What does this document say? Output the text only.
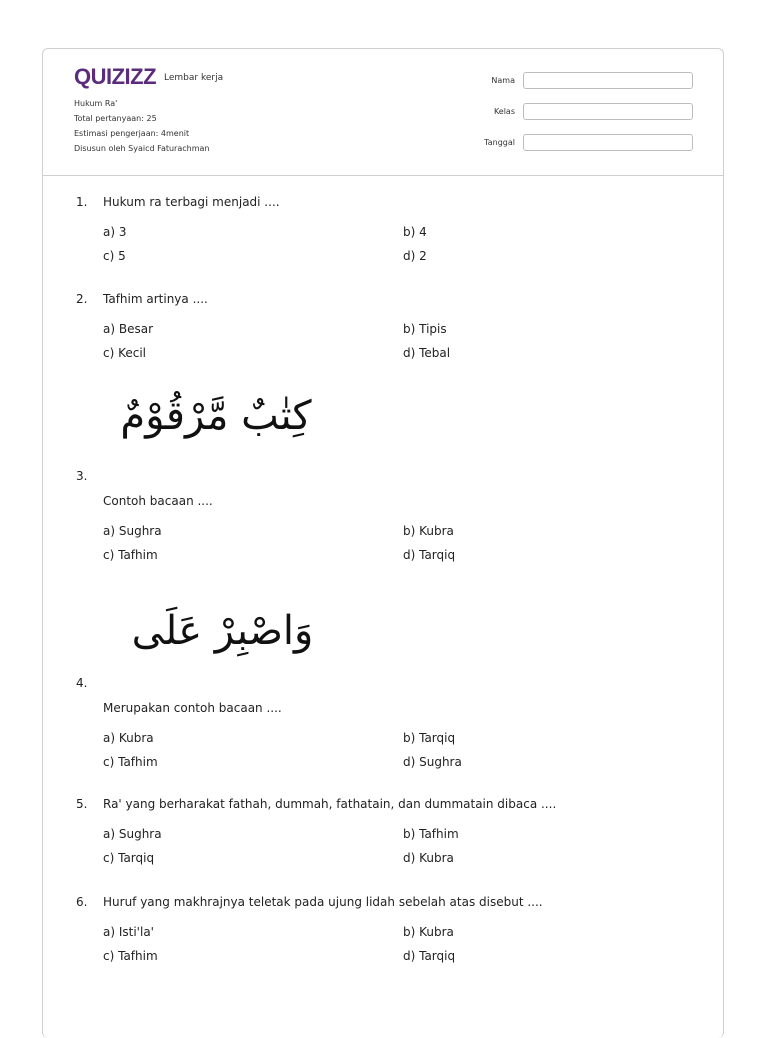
QUIZIZZ Lembar kerja
Hukum Ra'
Total pertanyaan: 25
Estimasi pengerjaan: 4menit
Disusun oleh Syaicd Faturachman
Nama
Kelas
Tanggal
1. Hukum ra terbagi menjadi ....
a) 3	b) 4
c) 5	d) 2
2. Tafhim artinya ....
a) Besar	b) Tipis
c) Kecil	d) Tebal
كِتٰبٌ مَّرْقُوْمٌ
3.
Contoh bacaan ....
a) Sughra	b) Kubra
c) Tafhim	d) Tarqiq
وَاصْبِرْ عَلَى
4.
Merupakan contoh bacaan ....
a) Kubra	b) Tarqiq
c) Tafhim	d) Sughra
5. Ra' yang berharakat fathah, dummah, fathatain, dan dummatain dibaca ....
a) Sughra	b) Tafhim
c) Tarqiq	d) Kubra
6. Huruf yang makhrajnya teletak pada ujung lidah sebelah atas disebut ....
a) Isti'la'	b) Kubra
c) Tafhim	d) Tarqiq
